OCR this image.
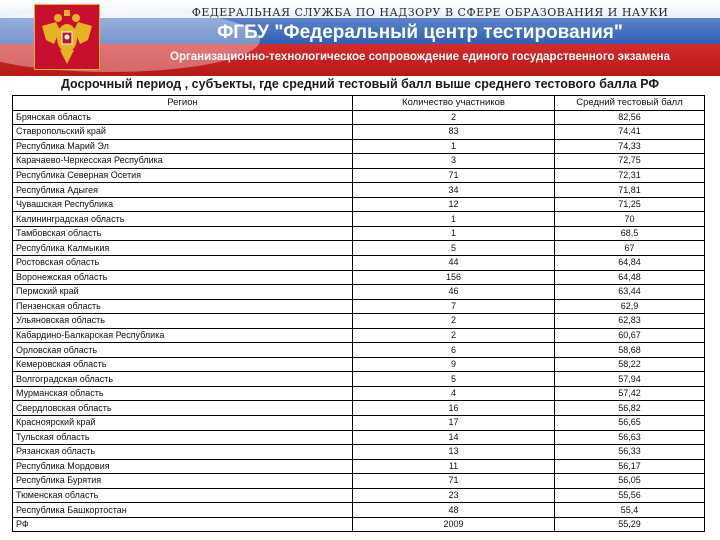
ФЕДЕРАЛЬНАЯ СЛУЖБА ПО НАДЗОРУ В СФЕРЕ ОБРАЗОВАНИЯ И НАУКИ
ФГБУ "Федеральный центр тестирования"
Организационно-технологическое сопровождение единого государственного экзамена
Досрочный период , субъекты, где средний тестовый балл выше среднего тестового балла РФ
Регион	Количество участников	Средний тестовый балл
Брянская область	2	82,56
Ставропольский край	83	74,41
Республика Марий Эл	1	74,33
Карачаево-Черкесская Республика	3	72,75
Республика Северная Осетия	71	72,31
Республика Адыгея	34	71,81
Чувашская Республика	12	71,25
Калининградская область	1	70
Тамбовская область	1	68,5
Республика Калмыкия	5	67
Ростовская область	44	64,84
Воронежская область	156	64,48
Пермский край	46	63,44
Пензенская область	7	62,9
Ульяновская область	2	62,83
Кабардино-Балкарская Республика	2	60,67
Орловская область	6	58,68
Кемеровская область	9	58,22
Волгоградская область	5	57,94
Мурманская область	4	57,42
Свердловская область	16	56,82
Красноярский край	17	56,65
Тульская область	14	56,63
Рязанская область	13	56,33
Республика Мордовия	11	56,17
Республика Бурятия	71	56,05
Тюменская область	23	55,56
Республика Башкортостан	48	55,4
РФ	2009	55,29
